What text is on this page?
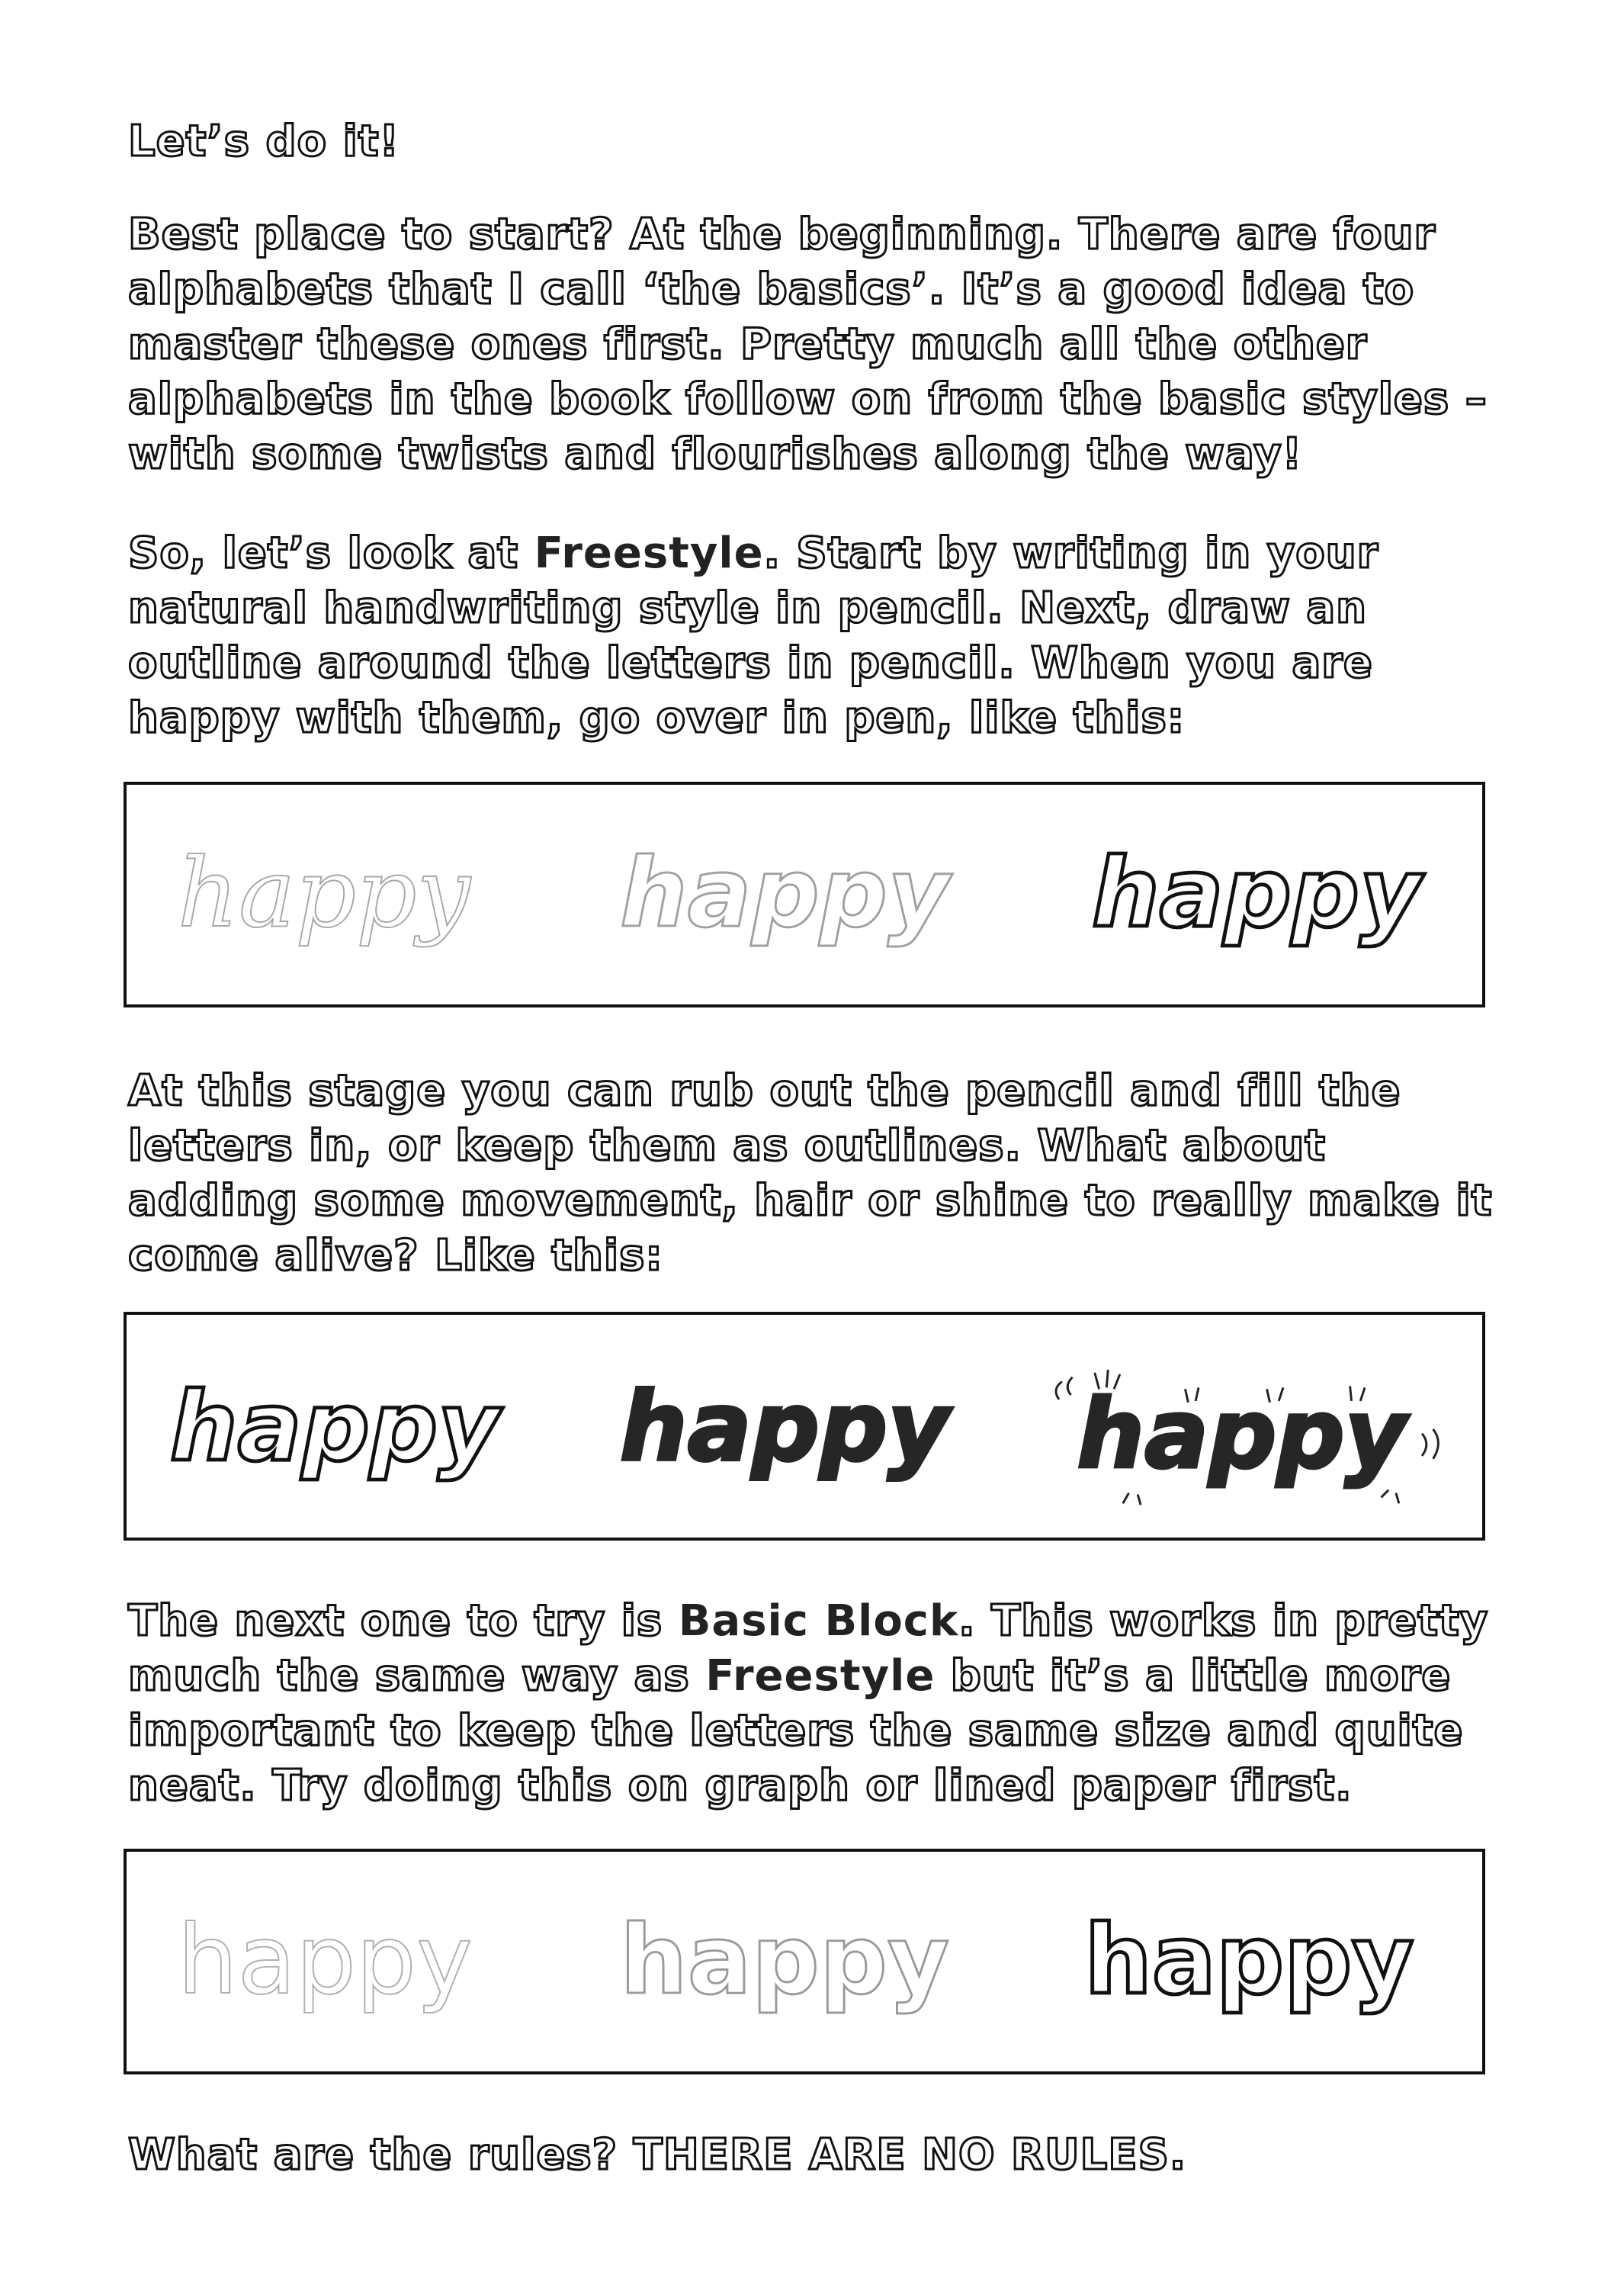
Let’s do it!

Best place to start? At the beginning. There are four alphabets that I call ‘the basics’. It’s a good idea to master these ones first. Pretty much all the other alphabets in the book follow on from the basic styles – with some twists and flourishes along the way!

So, let’s look at Freestyle. Start by writing in your natural handwriting style in pencil. Next, draw an outline around the letters in pencil. When you are happy with them, go over in pen, like this:

happy happy happy

At this stage you can rub out the pencil and fill the letters in, or keep them as outlines. What about adding some movement, hair or shine to really make it come alive? Like this:

happy happy happy

The next one to try is Basic Block. This works in pretty much the same way as Freestyle but it’s a little more important to keep the letters the same size and quite neat. Try doing this on graph or lined paper first.

happy happy happy

What are the rules? THERE ARE NO RULES.
